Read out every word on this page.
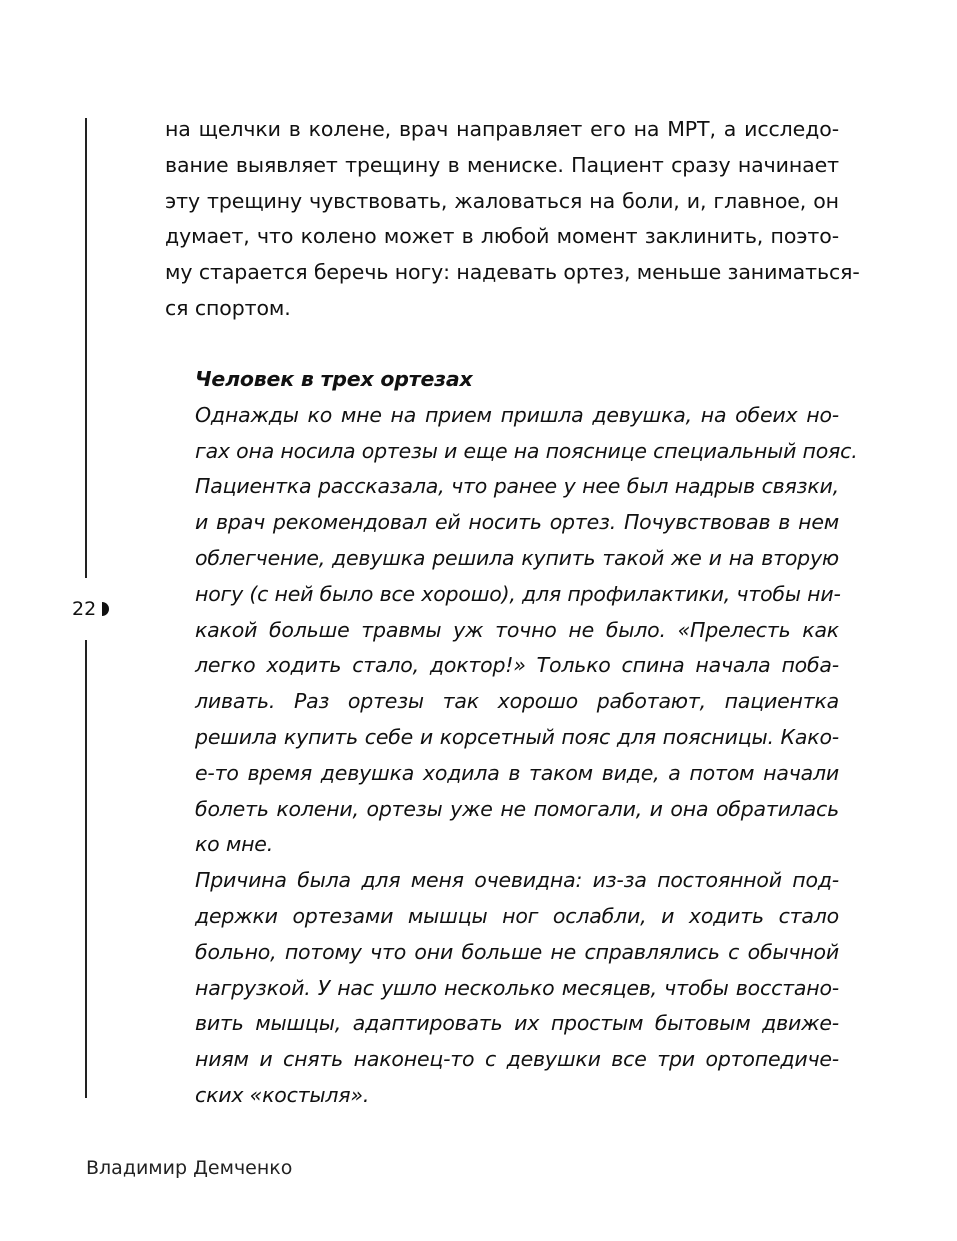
22
на щелчки в колене, врач направляет его на МРТ, а исследо-
вание выявляет трещину в мениске. Пациент сразу начинает
эту трещину чувствовать, жаловаться на боли, и, главное, он
думает, что колено может в любой момент заклинить, поэто-
му старается беречь ногу: надевать ортез, меньше заниматься-
ся спортом.
Человек в трех ортезах
Однажды ко мне на прием пришла девушка, на обеих но-
гах она носила ортезы и еще на пояснице специальный пояс.
Пациентка рассказала, что ранее у нее был надрыв связки,
и врач рекомендовал ей носить ортез. Почувствовав в нем
облегчение, девушка решила купить такой же и на вторую
ногу (с ней было все хорошо), для профилактики, чтобы ни-
какой больше травмы уж точно не было. «Прелесть как
легко ходить стало, доктор!» Только спина начала поба-
ливать. Раз ортезы так хорошо работают, пациентка
решила купить себе и корсетный пояс для поясницы. Како-
е-то время девушка ходила в таком виде, а потом начали
болеть колени, ортезы уже не помогали, и она обратилась
ко мне.
Причина была для меня очевидна: из-за постоянной под-
держки ортезами мышцы ног ослабли, и ходить стало
больно, потому что они больше не справлялись с обычной
нагрузкой. У нас ушло несколько месяцев, чтобы восстано-
вить мышцы, адаптировать их простым бытовым движе-
ниям и снять наконец-то с девушки все три ортопедиче-
ских «костыля».
Владимир Демченко
